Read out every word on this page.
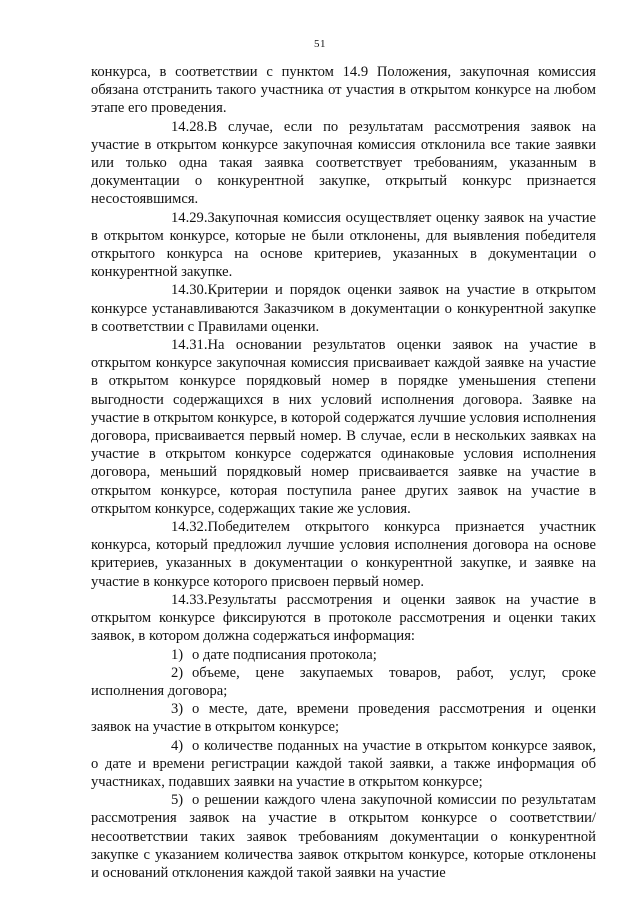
51

конкурса, в соответствии с пунктом 14.9 Положения, закупочная комиссия обязана отстранить такого участника от участия в открытом конкурсе на любом этапе его проведения.

14.28.В случае, если по результатам рассмотрения заявок на участие в открытом конкурсе закупочная комиссия отклонила все такие заявки или только одна такая заявка соответствует требованиям, указанным в документации о конкурентной закупке, открытый конкурс признается несостоявшимся.

14.29.Закупочная комиссия осуществляет оценку заявок на участие в открытом конкурсе, которые не были отклонены, для выявления победителя открытого конкурса на основе критериев, указанных в документации о конкурентной закупке.

14.30.Критерии и порядок оценки заявок на участие в открытом конкурсе устанавливаются Заказчиком в документации о конкурентной закупке в соответствии с Правилами оценки.

14.31.На основании результатов оценки заявок на участие в открытом конкурсе закупочная комиссия присваивает каждой заявке на участие в открытом конкурсе порядковый номер в порядке уменьшения степени выгодности содержащихся в них условий исполнения договора. Заявке на участие в открытом конкурсе, в которой содержатся лучшие условия исполнения договора, присваивается первый номер. В случае, если в нескольких заявках на участие в открытом конкурсе содержатся одинаковые условия исполнения договора, меньший порядковый номер присваивается заявке на участие в открытом конкурсе, которая поступила ранее других заявок на участие в открытом конкурсе, содержащих такие же условия.

14.32.Победителем открытого конкурса признается участник конкурса, который предложил лучшие условия исполнения договора на основе критериев, указанных в документации о конкурентной закупке, и заявке на участие в конкурсе которого присвоен первый номер.

14.33.Результаты рассмотрения и оценки заявок на участие в открытом конкурсе фиксируются в протоколе рассмотрения и оценки таких заявок, в котором должна содержаться информация:

1) о дате подписания протокола;

2) объеме, цене закупаемых товаров, работ, услуг, сроке исполнения договора;

3) о месте, дате, времени проведения рассмотрения и оценки заявок на участие в открытом конкурсе;

4) о количестве поданных на участие в открытом конкурсе заявок, о дате и времени регистрации каждой такой заявки, а также информация об участниках, подавших заявки на участие в открытом конкурсе;

5) о решении каждого члена закупочной комиссии по результатам рассмотрения заявок на участие в открытом конкурсе о соответствии/несоответствии таких заявок требованиям документации о конкурентной закупке с указанием количества заявок открытом конкурсе, которые отклонены и оснований отклонения каждой такой заявки на участие
